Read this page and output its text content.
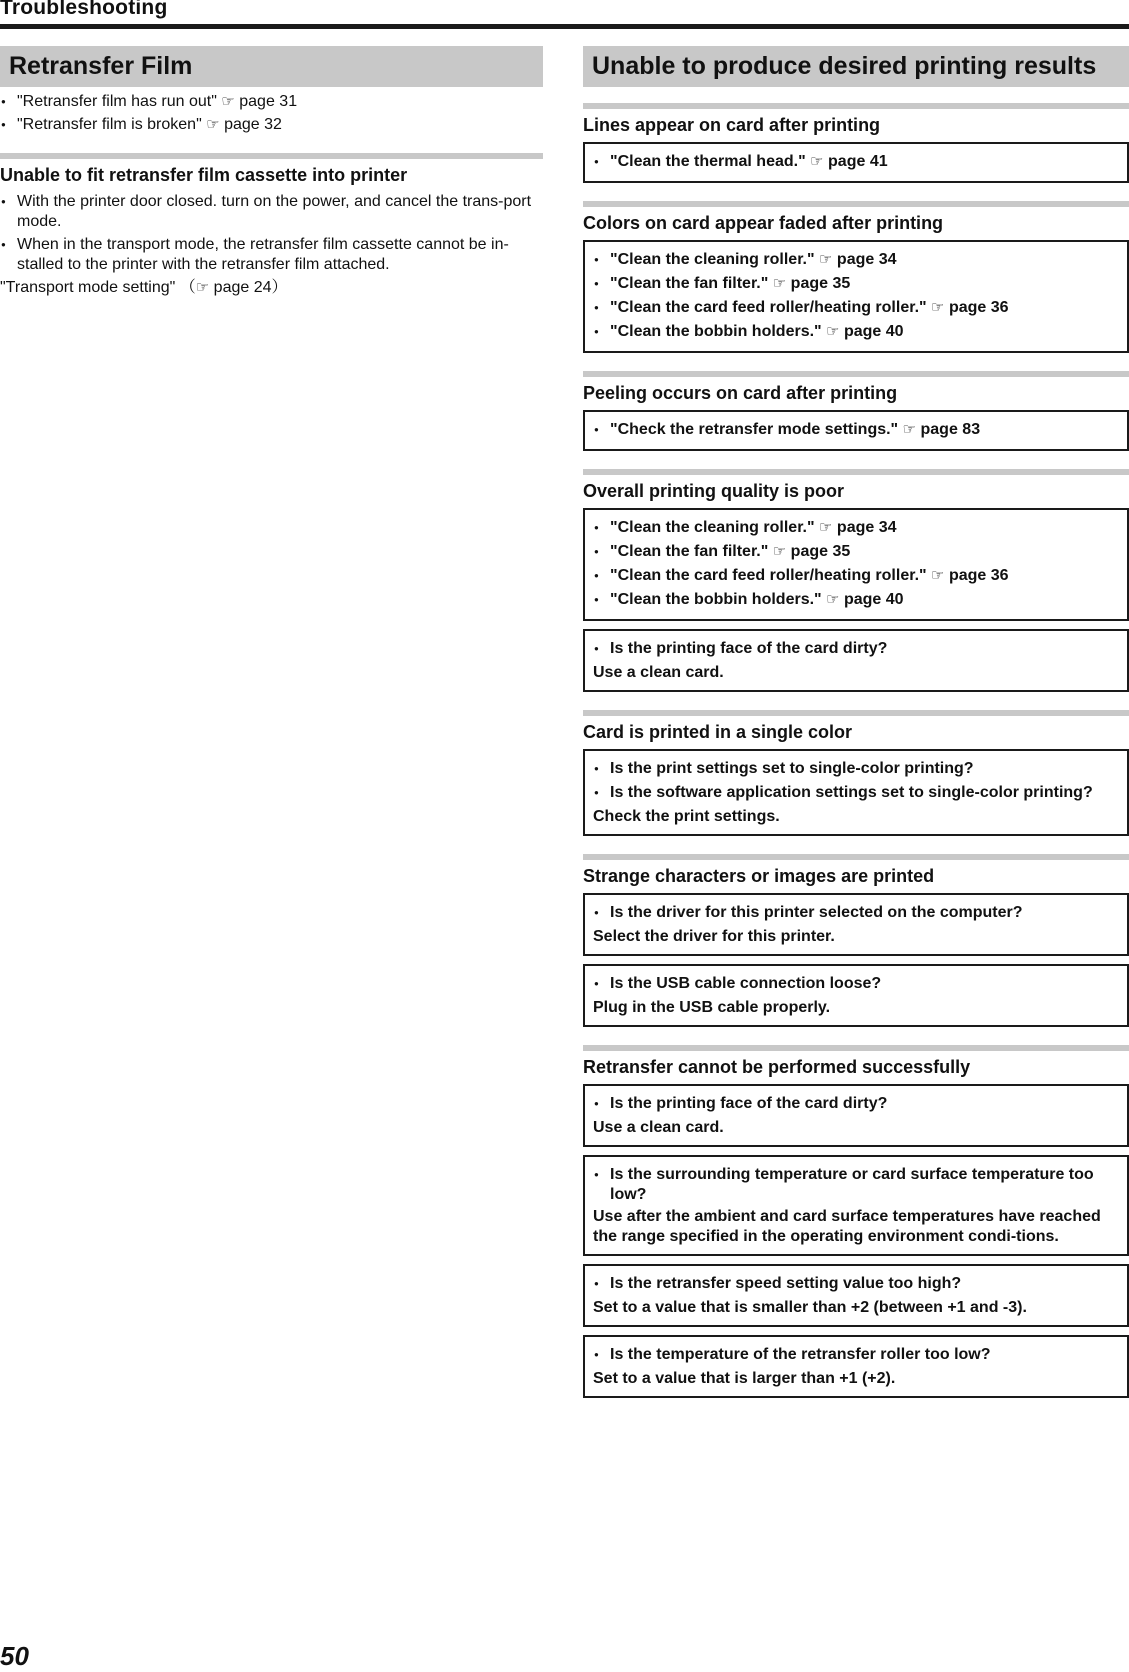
Troubleshooting
Retransfer Film
● "Retransfer film has run out" ☞ page 31
● "Retransfer film is broken" ☞ page 32
Unable to fit retransfer film cassette into printer
● With the printer door closed. turn on the power, and cancel the trans-port mode.
● When in the transport mode, the retransfer film cassette cannot be in-stalled to the printer with the retransfer film attached.
"Transport mode setting" （☞ page 24）
Unable to produce desired printing results
Lines appear on card after printing
● "Clean the thermal head." ☞ page 41
Colors on card appear faded after printing
● "Clean the cleaning roller." ☞ page 34
● "Clean the fan filter." ☞ page 35
● "Clean the card feed roller/heating roller." ☞ page 36
● "Clean the bobbin holders." ☞ page 40
Peeling occurs on card after printing
● "Check the retransfer mode settings." ☞ page 83
Overall printing quality is poor
● "Clean the cleaning roller." ☞ page 34
● "Clean the fan filter." ☞ page 35
● "Clean the card feed roller/heating roller." ☞ page 36
● "Clean the bobbin holders." ☞ page 40
● Is the printing face of the card dirty?
Use a clean card.
Card is printed in a single color
● Is the print settings set to single-color printing?
● Is the software application settings set to single-color printing?
Check the print settings.
Strange characters or images are printed
● Is the driver for this printer selected on the computer?
Select the driver for this printer.
● Is the USB cable connection loose?
Plug in the USB cable properly.
Retransfer cannot be performed successfully
● Is the printing face of the card dirty?
Use a clean card.
● Is the surrounding temperature or card surface temperature too low?
Use after the ambient and card surface temperatures have reached the range specified in the operating environment condi-tions.
● Is the retransfer speed setting value too high?
Set to a value that is smaller than +2 (between +1 and -3).
● Is the temperature of the retransfer roller too low?
Set to a value that is larger than +1 (+2).
50
